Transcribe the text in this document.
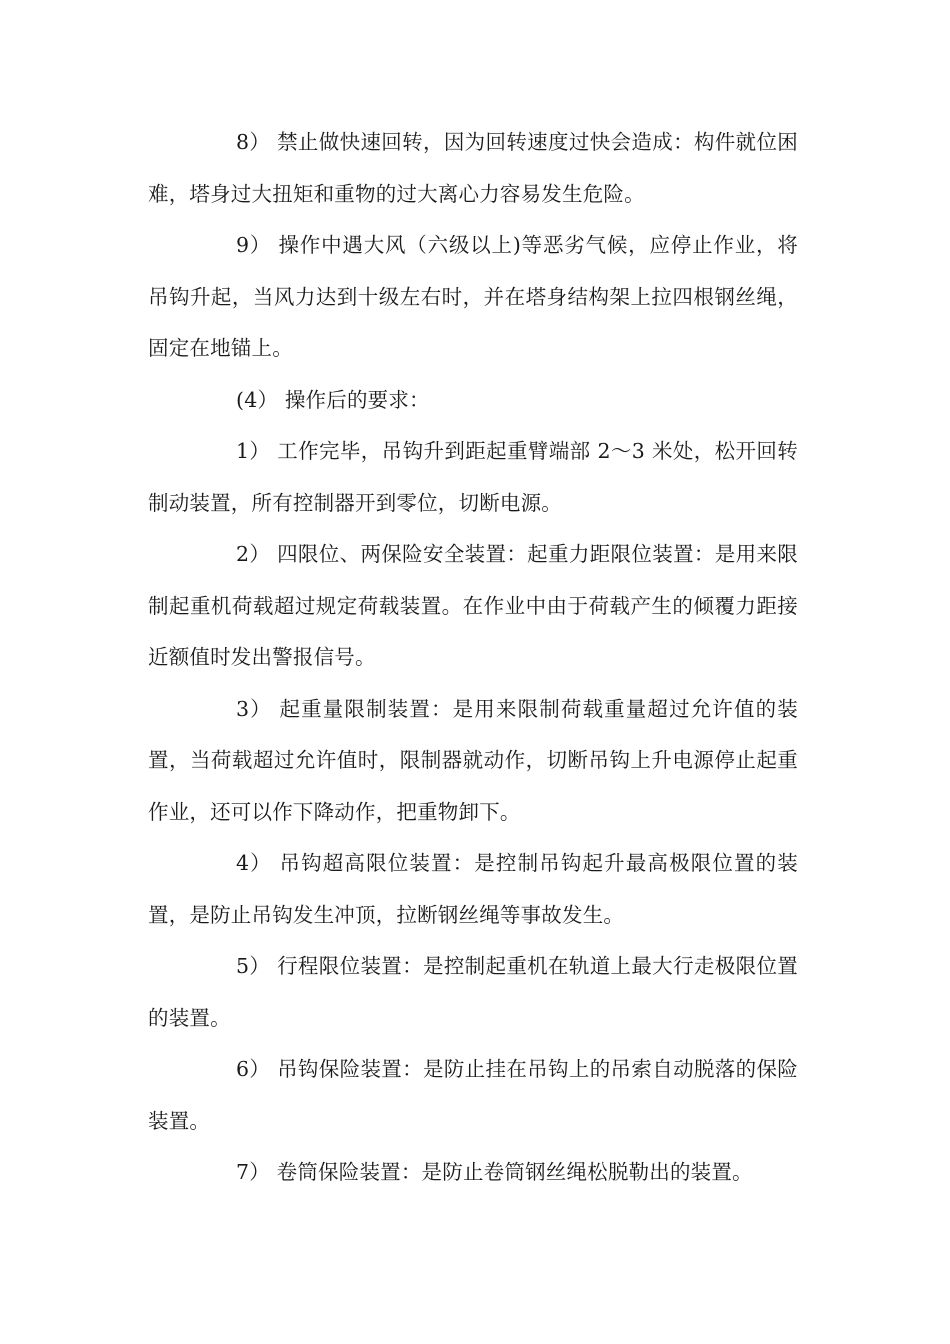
8） 禁止做快速回转，因为回转速度过快会造成：构件就位困难，塔身过大扭矩和重物的过大离心力容易发生危险。

9） 操作中遇大风（六级以上)等恶劣气候，应停止作业，将吊钩升起，当风力达到十级左右时，并在塔身结构架上拉四根钢丝绳，固定在地锚上。

(4） 操作后的要求：

1） 工作完毕，吊钩升到距起重臂端部 2～3 米处，松开回转制动装置，所有控制器开到零位，切断电源。

2） 四限位、两保险安全装置：起重力距限位装置：是用来限制起重机荷载超过规定荷载装置。在作业中由于荷载产生的倾覆力距接近额值时发出警报信号。

3） 起重量限制装置：是用来限制荷载重量超过允许值的装置，当荷载超过允许值时，限制器就动作，切断吊钩上升电源停止起重作业，还可以作下降动作，把重物卸下。

4） 吊钩超高限位装置：是控制吊钩起升最高极限位置的装置，是防止吊钩发生冲顶，拉断钢丝绳等事故发生。

5） 行程限位装置：是控制起重机在轨道上最大行走极限位置的装置。

6） 吊钩保险装置：是防止挂在吊钩上的吊索自动脱落的保险装置。

7） 卷筒保险装置：是防止卷筒钢丝绳松脱勒出的装置。
